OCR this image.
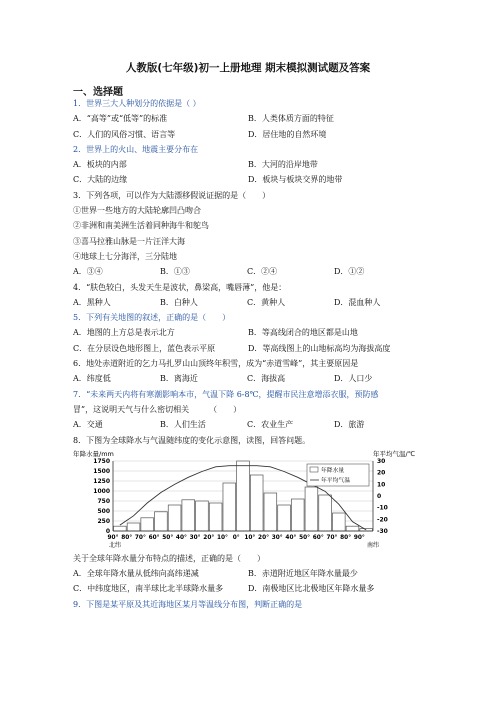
人教版(七年级)初一上册地理 期末模拟测试题及答案
一、选择题
1．世界三大人种划分的依据是（ ）
A．“高等”或“低等”的标准	B．人类体质方面的特征
C．人们的风俗习惯、语言等	D．居住地的自然环境
2．世界上的火山、地震主要分布在
A．板块的内部	B．大河的沿岸地带
C．大陆的边缘	D．板块与板块交界的地带
3．下列各项，可以作为大陆漂移假说证据的是（　　）
①世界一些地方的大陆轮廓凹凸吻合
②非洲和南美洲生活着同种海牛和鸵鸟
③喜马拉雅山脉是一片汪洋大海
④地球上七分海洋，三分陆地
A．③④	B．①③	C．②④	D．①②
4．“肤色较白，头发天生是波状，鼻梁高，嘴唇薄”，他是：
A．黑种人	B．白种人	C．黄种人	D．混血种人
5．下列有关地图的叙述，正确的是（　　）
A．地图的上方总是表示北方	B．等高线闭合的地区都是山地
C．在分层设色地形图上，蓝色表示平原	D．等高线图上的山地标高均为海拔高度
6．地处赤道附近的乞力马扎罗山山顶终年积雪，成为“赤道雪峰”，其主要原因是
A．纬度低	B．离海近	C．海拔高	D．人口少
7．“未来两天内将有寒潮影响本市，气温下降 6-8℃，提醒市民注意增添衣服，预防感
冒”，这说明天气与什么密切相关　　　（　　）
A．交通	B．人们生活	C．农业生产	D．旅游
8．下图为全球降水与气温随纬度的变化示意图，读图，回答问题。
年降水量/mm	年平均气温/℃
1750
1500
1250
1000
750
500
250
0
30
20
10
0
-10
-20
-30
90° 80° 70° 60° 50° 40° 30° 20° 10° 0° 10° 20° 30° 40° 50° 60° 70° 80° 90°
北纬	南纬
年降水量
年平均气温
关于全球年降水量分布特点的描述，正确的是（　　）
A．全球年降水量从低纬向高纬递减	B．赤道附近地区年降水量最少
C．中纬度地区，南半球比北半球降水量多	D．南极地区比北极地区年降水量多
9．下图是某平原及其近海地区某月等温线分布图，判断正确的是
